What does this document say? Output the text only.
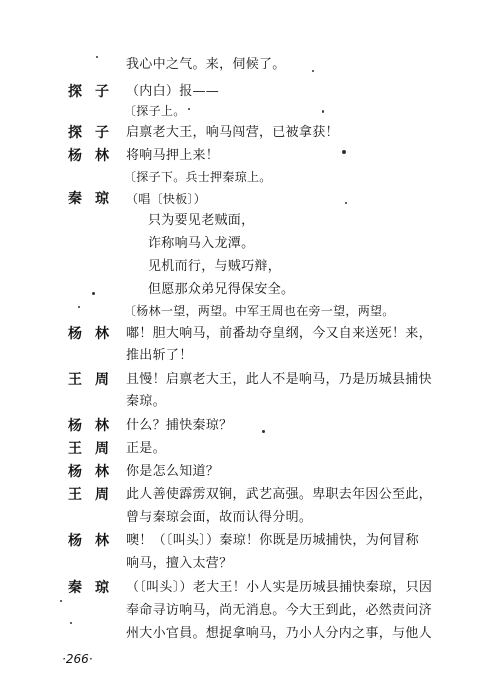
我心中之气。来，伺候了。
探 子	（内白）报——
〔探子上。
探 子	启禀老大王，响马闯营，已被拿获！
杨 林	将响马押上来！
〔探子下。兵士押秦琼上。
秦 琼	（唱〔快板〕）
只为要见老贼面，
诈称响马入龙潭。
见机而行，与贼巧辩，
但愿那众弟兄得保安全。
〔杨林一望，两望。中军王周也在旁一望，两望。
杨 林	嘟！胆大响马，前番劫夺皇纲，今又自来送死！来，
推出斩了！
王 周	且慢！启禀老大王，此人不是响马，乃是历城县捕快
秦琼。
杨 林	什么？捕快秦琼？
王 周	正是。
杨 林	你是怎么知道？
王 周	此人善使霹雳双锏，武艺高强。卑职去年因公至此，
曾与秦琼会面，故而认得分明。
杨 林	噢！（〔叫头〕）秦琼！你既是历城捕快，为何冒称
响马，擅入太营？
秦 琼	（〔叫头〕）老大王！小人实是历城县捕快秦琼，只因
奉命寻访响马，尚无消息。今大王到此，必然责问济
州大小官員。想捉拿响马，乃小人分内之事，与他人
·266·
